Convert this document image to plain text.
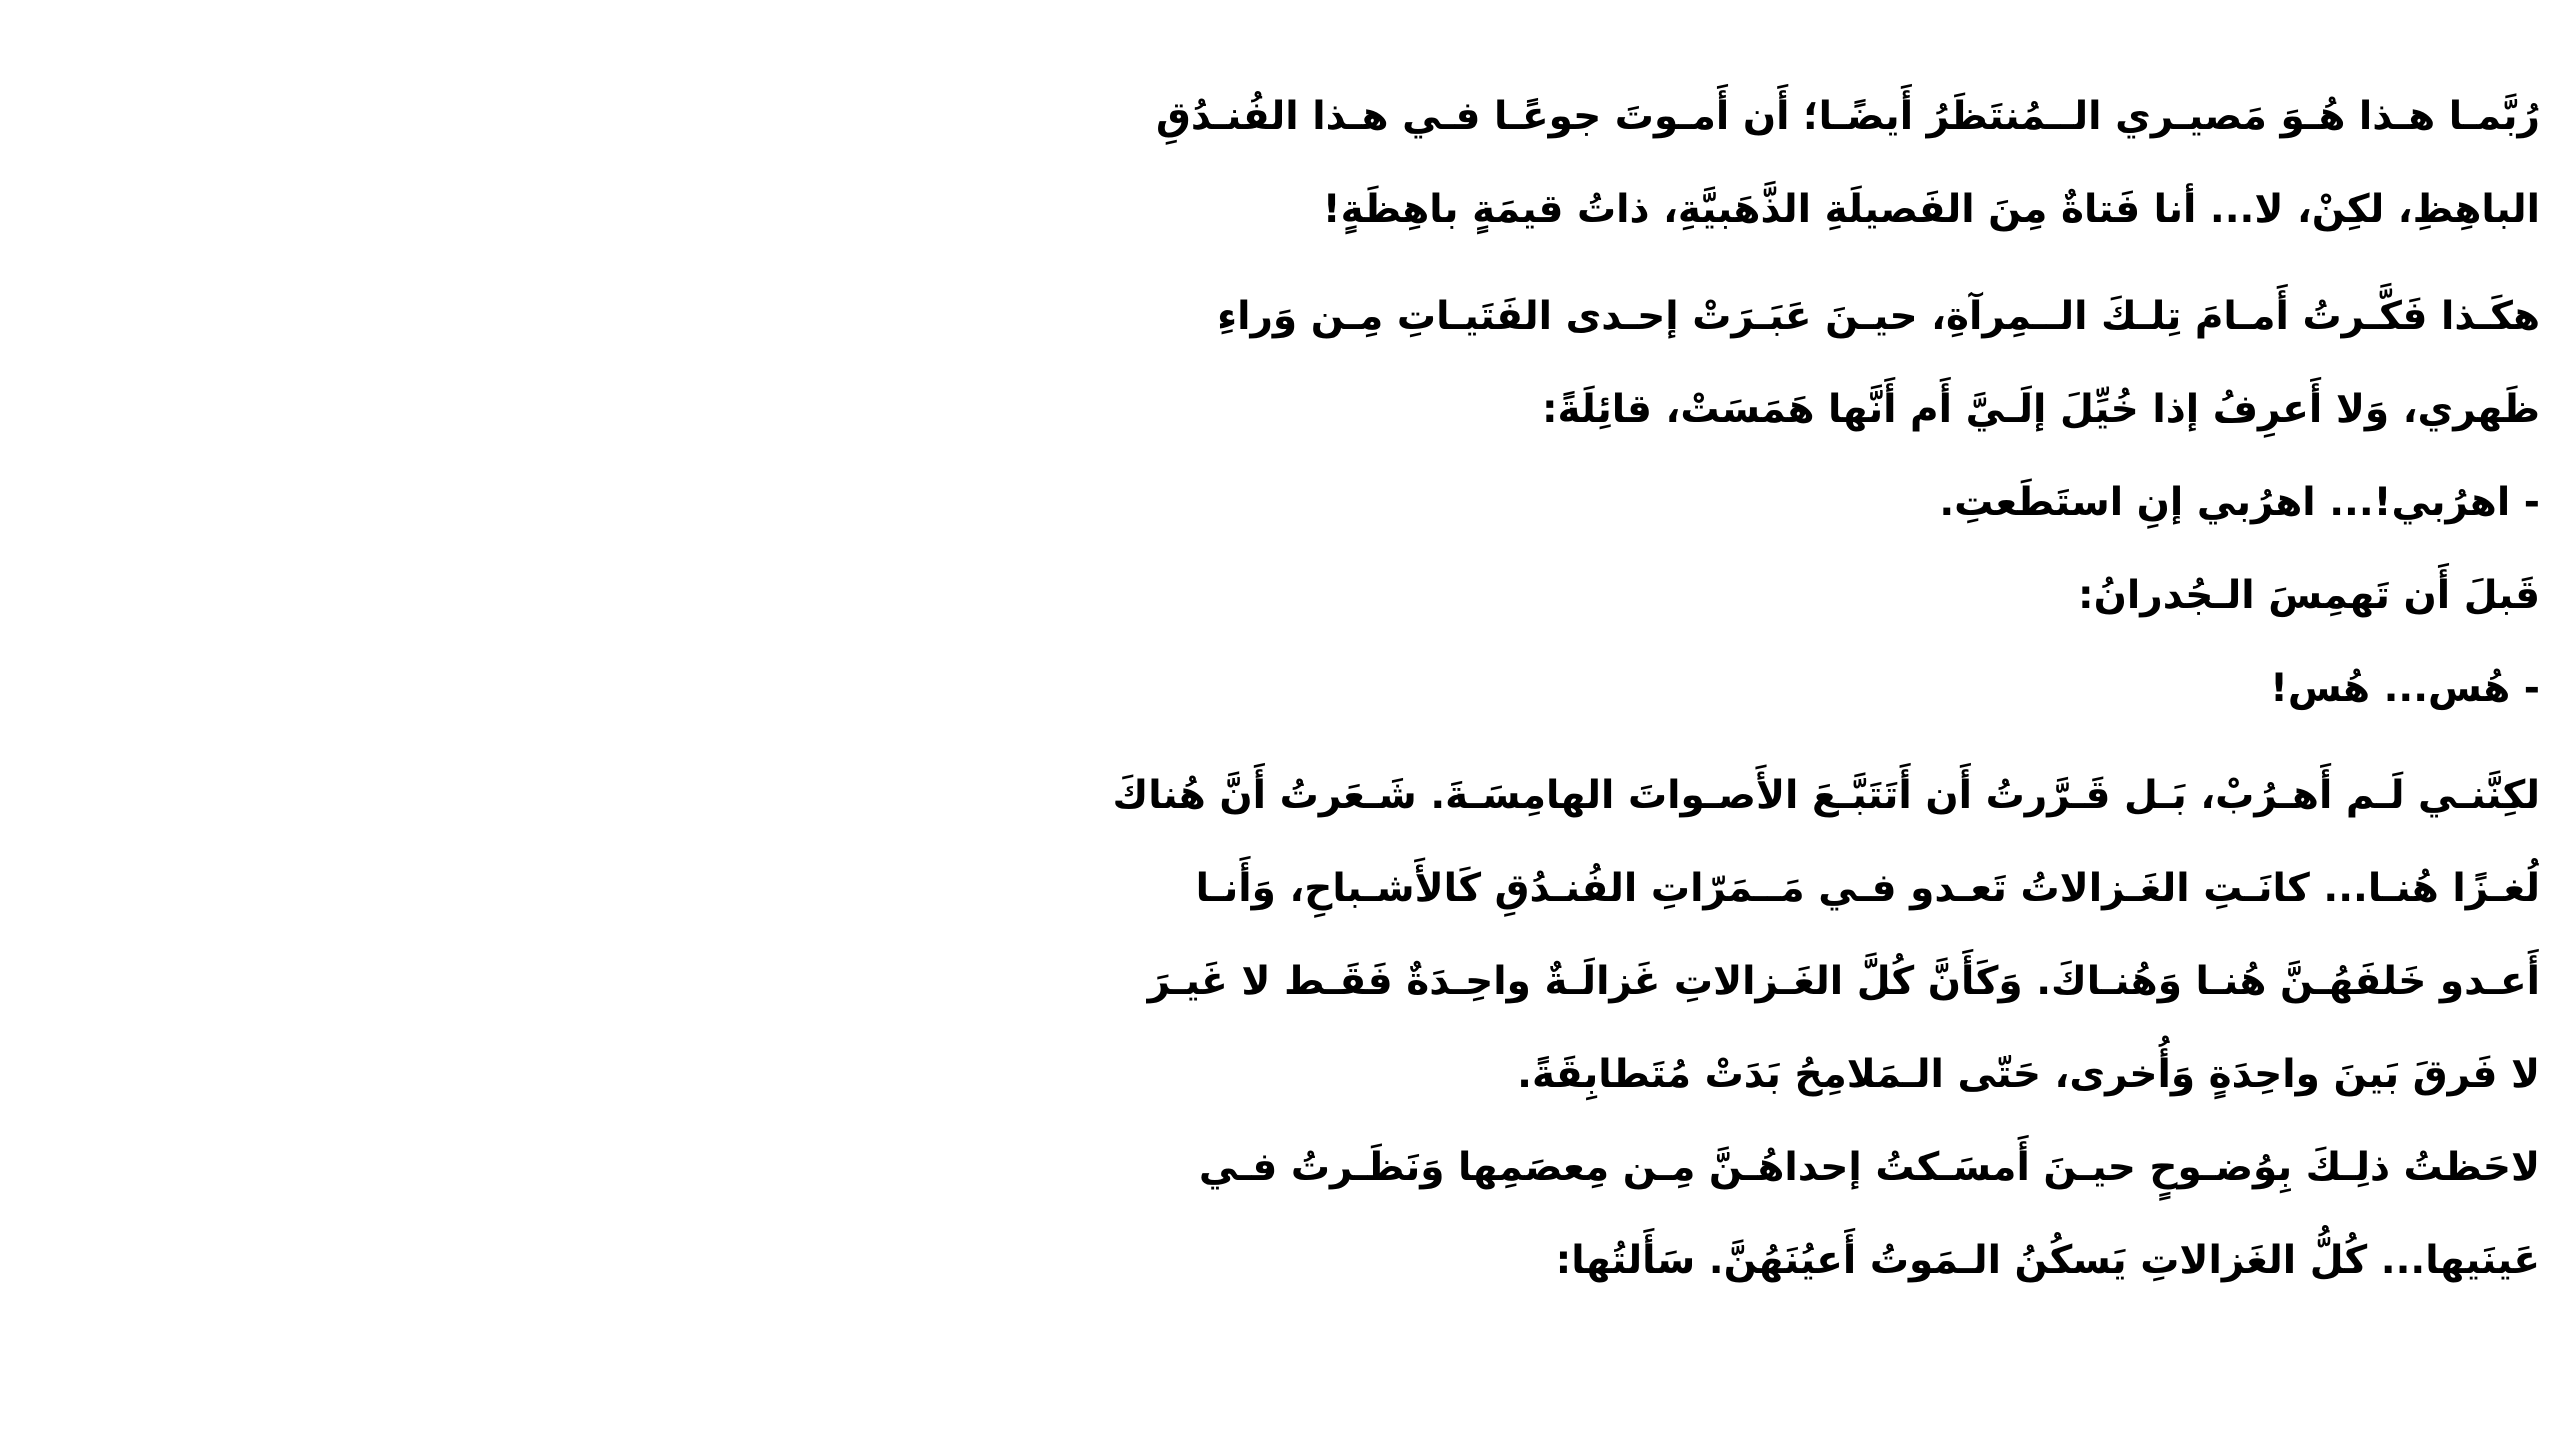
رُبَّمـا هـذا هُـوَ مَصيـري الــمُنتَظَرُ أَيضًـا؛ أَن أَمـوتَ جوعًـا فـي هـذا الفُنـدُقِ
الباهِظِ، لكِنْ، لا... أنا فَتاةٌ مِنَ الفَصيلَةِ الذَّهَبيَّةِ، ذاتُ قيمَةٍ باهِظَةٍ!

هكَـذا فَكَّـرتُ أَمـامَ تِلـكَ الــمِرآةِ، حيـنَ عَبَـرَتْ إحـدى الفَتَيـاتِ مِـن وَراءِ
ظَهري، وَلا أَعرِفُ إذا خُيِّلَ إلَـيَّ أَم أَنَّها هَمَسَتْ، قائِلَةً:
- اهرُبي!... اهرُبي إنِ استَطَعتِ.
قَبلَ أَن تَهمِسَ الـجُدرانُ:
- هُس... هُس!

لكِنَّنـي لَـم أَهـرُبْ، بَـل قَـرَّرتُ أَن أَتَتَبَّـعَ الأَصـواتَ الهامِسَـةَ. شَـعَرتُ أَنَّ هُناكَ
لُغـزًا هُنـا... كانَـتِ الغَـزالاتُ تَعـدو فـي مَــمَرّاتِ الفُنـدُقِ كَالأَشـباحِ، وَأَنـا
أَعـدو خَلفَهُـنَّ هُنـا وَهُنـاكَ. وَكَأَنَّ كُلَّ الغَـزالاتِ غَزالَـةٌ واحِـدَةٌ فَقَـط لا غَيـرَ
لا فَرقَ بَينَ واحِدَةٍ وَأُخرى، حَتّى الـمَلامِحُ بَدَتْ مُتَطابِقَةً.
لاحَظتُ ذلِـكَ بِوُضـوحٍ حيـنَ أَمسَـكتُ إحداهُـنَّ مِـن مِعصَمِها وَنَظَـرتُ فـي
عَينَيها... كُلُّ الغَزالاتِ يَسكُنُ الـمَوتُ أَعيُنَهُنَّ. سَأَلتُها:
